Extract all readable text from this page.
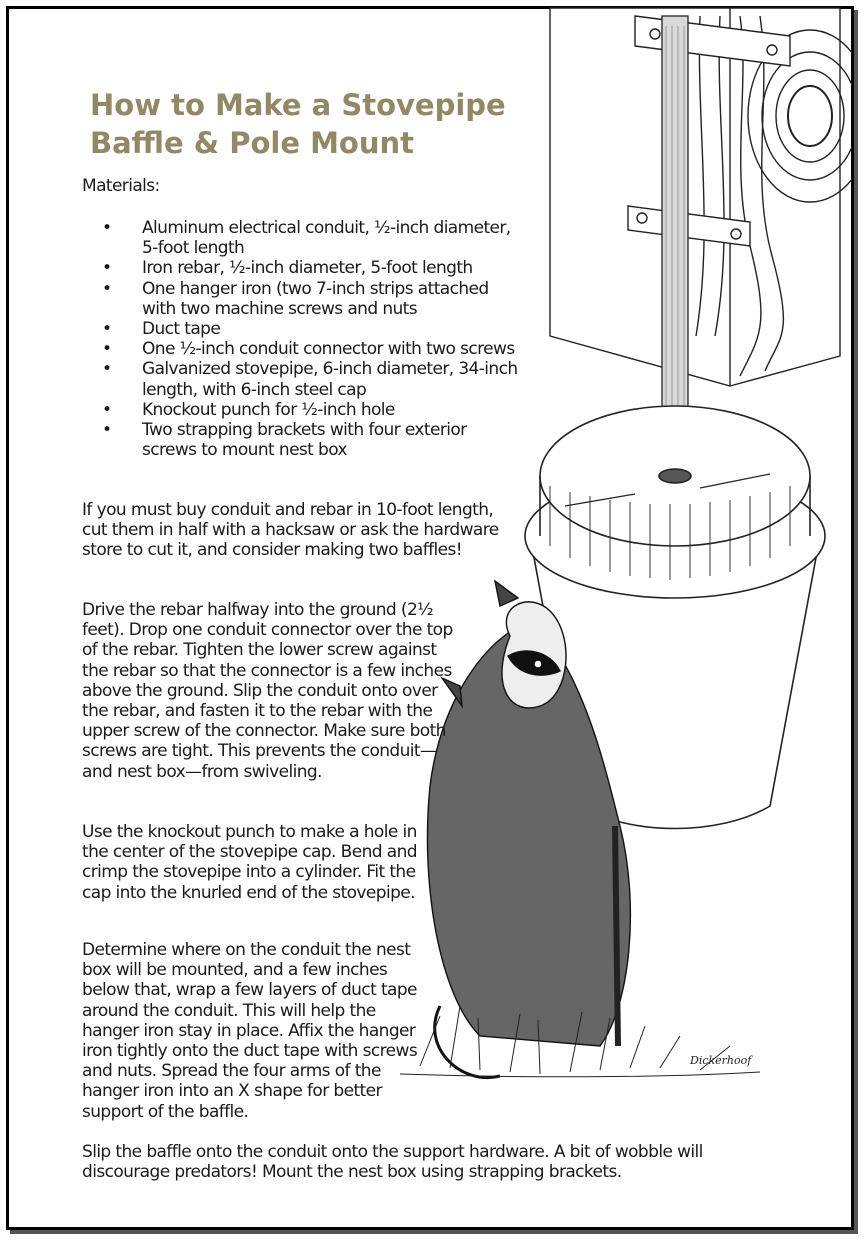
Dickerhoof
How to Make a Stovepipe Baffle & Pole Mount

Materials:

• Aluminum electrical conduit, ½-inch diameter, 5-foot length
• Iron rebar, ½-inch diameter, 5-foot length
• One hanger iron (two 7-inch strips attached with two machine screws and nuts
• Duct tape
• One ½-inch conduit connector with two screws
• Galvanized stovepipe, 6-inch diameter, 34-inch length, with 6-inch steel cap
• Knockout punch for ½-inch hole
• Two strapping brackets with four exterior screws to mount nest box

If you must buy conduit and rebar in 10-foot length, cut them in half with a hacksaw or ask the hardware store to cut it, and consider making two baffles!

Drive the rebar halfway into the ground (2½ feet). Drop one conduit connector over the top of the rebar. Tighten the lower screw against the rebar so that the connector is a few inches above the ground. Slip the conduit onto over the rebar, and fasten it to the rebar with the upper screw of the connector. Make sure both screws are tight. This prevents the conduit—and nest box—from swiveling.

Use the knockout punch to make a hole in the center of the stovepipe cap. Bend and crimp the stovepipe into a cylinder. Fit the cap into the knurled end of the stovepipe.

Determine where on the conduit the nest box will be mounted, and a few inches below that, wrap a few layers of duct tape around the conduit. This will help the hanger iron stay in place. Affix the hanger iron tightly onto the duct tape with screws and nuts. Spread the four arms of the hanger iron into an X shape for better support of the baffle.

Slip the baffle onto the conduit onto the support hardware. A bit of wobble will discourage predators! Mount the nest box using strapping brackets.
